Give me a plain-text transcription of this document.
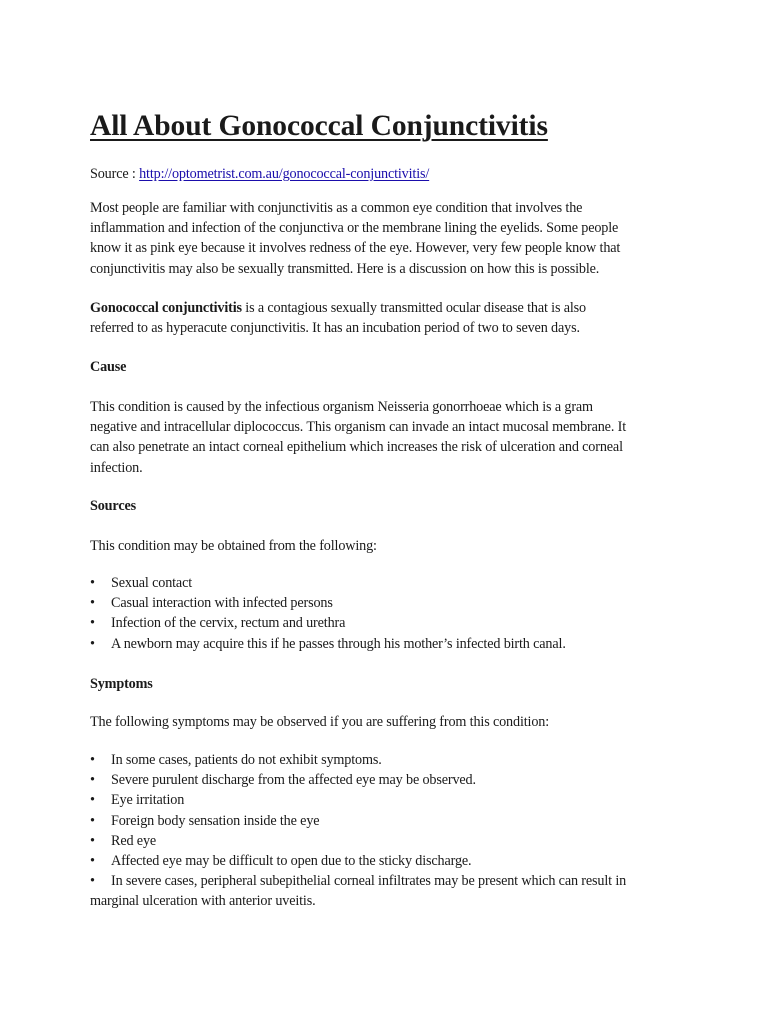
All About Gonococcal Conjunctivitis

Source : http://optometrist.com.au/gonococcal-conjunctivitis/

Most people are familiar with conjunctivitis as a common eye condition that involves the
inflammation and infection of the conjunctiva or the membrane lining the eyelids. Some people
know it as pink eye because it involves redness of the eye. However, very few people know that
conjunctivitis may also be sexually transmitted. Here is a discussion on how this is possible.

Gonococcal conjunctivitis is a contagious sexually transmitted ocular disease that is also
referred to as hyperacute conjunctivitis. It has an incubation period of two to seven days.

Cause

This condition is caused by the infectious organism Neisseria gonorrhoeae which is a gram
negative and intracellular diplococcus. This organism can invade an intact mucosal membrane. It
can also penetrate an intact corneal epithelium which increases the risk of ulceration and corneal
infection.

Sources

This condition may be obtained from the following:

• Sexual contact
• Casual interaction with infected persons
• Infection of the cervix, rectum and urethra
• A newborn may acquire this if he passes through his mother’s infected birth canal.

Symptoms

The following symptoms may be observed if you are suffering from this condition:

• In some cases, patients do not exhibit symptoms.
• Severe purulent discharge from the affected eye may be observed.
• Eye irritation
• Foreign body sensation inside the eye
• Red eye
• Affected eye may be difficult to open due to the sticky discharge.
• In severe cases, peripheral subepithelial corneal infiltrates may be present which can result in
marginal ulceration with anterior uveitis.
